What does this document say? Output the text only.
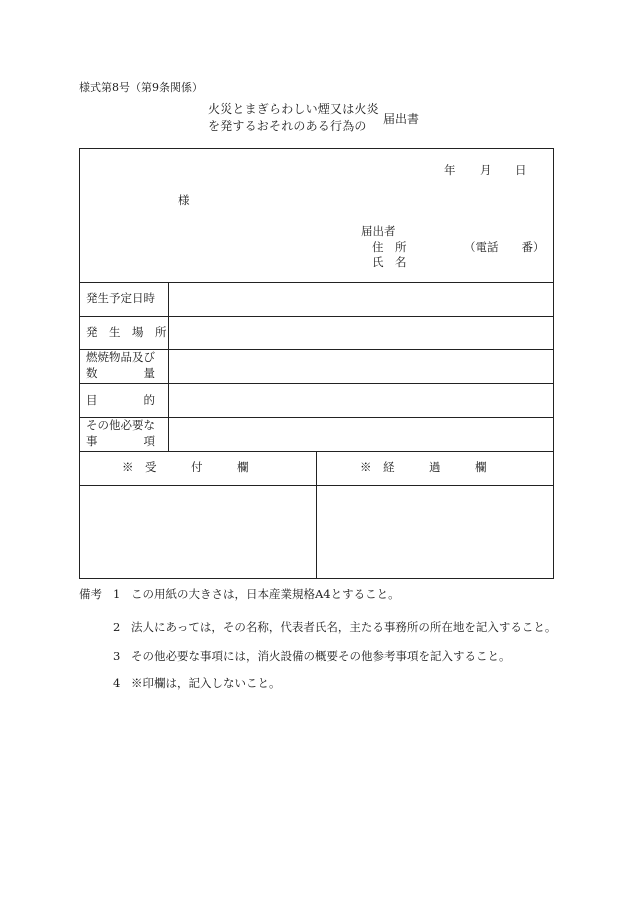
様式第8号（第9条関係）
火災とまぎらわしい煙又は火炎
を発するおそれのある行為の 届出書
年 月 日
様
届出者
住　所	（電話　　番）
氏　名
発生予定日時
発　生　場　所
燃焼物品及び
数　　　　量
目　　　　的
その他必要な
事　　　　項
※　受　　　付　　　欄	※　経　　　過　　　欄
備考 1 この用紙の大きさは，日本産業規格A4とすること。
2 法人にあっては，その名称，代表者氏名，主たる事務所の所在地を記入すること。
3 その他必要な事項には，消火設備の概要その他参考事項を記入すること。
4 ※印欄は，記入しないこと。
